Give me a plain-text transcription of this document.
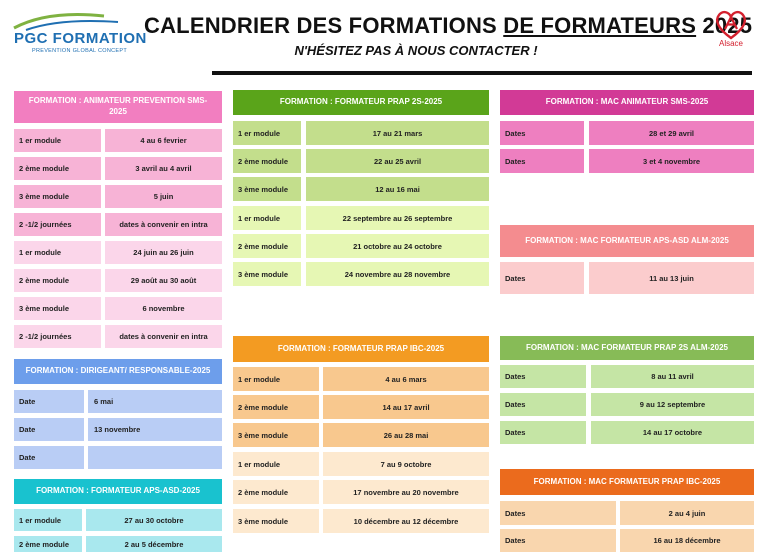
PGC FORMATION
PREVENTION GLOBAL CONCEPT
CALENDRIER DES FORMATIONS DE FORMATEURS 2025
N'HÉSITEZ PAS À NOUS CONTACTER !	Alsace
FORMATION : ANIMATEUR PREVENTION SMS-2025
1 er module	4 au 6 fevrier
2 ème module	3 avril au 4 avril
3 ème module	5 juin
2 -1/2 journées	dates à convenir en intra
1 er module	24 juin au 26 juin
2 ème module	29 août au 30 août
3 ème module	6 novembre
2 -1/2 journées	dates à convenir en intra
FORMATION : DIRIGEANT/ RESPONSABLE-2025
Date	6 mai
Date	13 novembre
Date
FORMATION : FORMATEUR APS-ASD-2025
1 er module	27 au 30 octobre
2 ème module	2 au 5 décembre
FORMATION : FORMATEUR PRAP 2S-2025
1 er module	17 au 21 mars
2 ème module	22 au 25 avril
3 ème module	12 au 16 mai
1 er module	22 septembre au 26 septembre
2 ème module	21 octobre au 24 octobre
3 ème module	24 novembre au 28 novembre
FORMATION : FORMATEUR PRAP IBC-2025
1 er module	4 au 6 mars
2 ème module	14 au 17 avril
3 ème module	26 au 28 mai
1 er module	7 au 9 octobre
2 ème module	17 novembre au 20 novembre
3 ème module	10 décembre au 12 décembre
FORMATION : MAC ANIMATEUR SMS-2025
Dates	28 et 29 avril
Dates	3 et 4 novembre
FORMATION : MAC FORMATEUR APS-ASD ALM-2025
Dates	11 au 13 juin
FORMATION : MAC FORMATEUR PRAP 2S ALM-2025
Dates	8 au 11 avril
Dates	9 au 12 septembre
Dates	14 au 17 octobre
FORMATION : MAC FORMATEUR PRAP IBC-2025
Dates	2 au 4 juin
Dates	16 au 18 décembre
